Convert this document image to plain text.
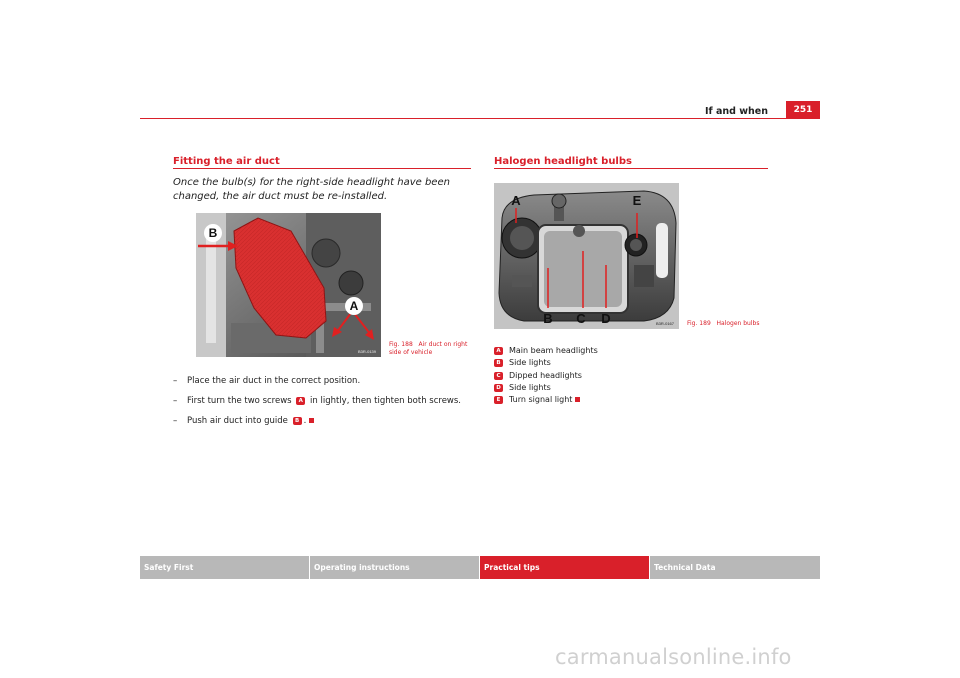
If and when	251
Fitting the air duct
Once the bulb(s) for the right-side headlight have been changed, the air duct must be re-installed.
B
A
B3R-0139
Fig. 188 Air duct on right side of vehicle
– Place the air duct in the correct position.
– First turn the two screws A in lightly, then tighten both screws.
– Push air duct into guide B .
Halogen headlight bulbs
A	E
B C D	B3R-0167 Fig. 189 Halogen bulbs
A Main beam headlights
B Side lights
C Dipped headlights
D Side lights
E Turn signal light
Safety First	Operating instructions	Practical tips	Technical Data
carmanualsonline.info
